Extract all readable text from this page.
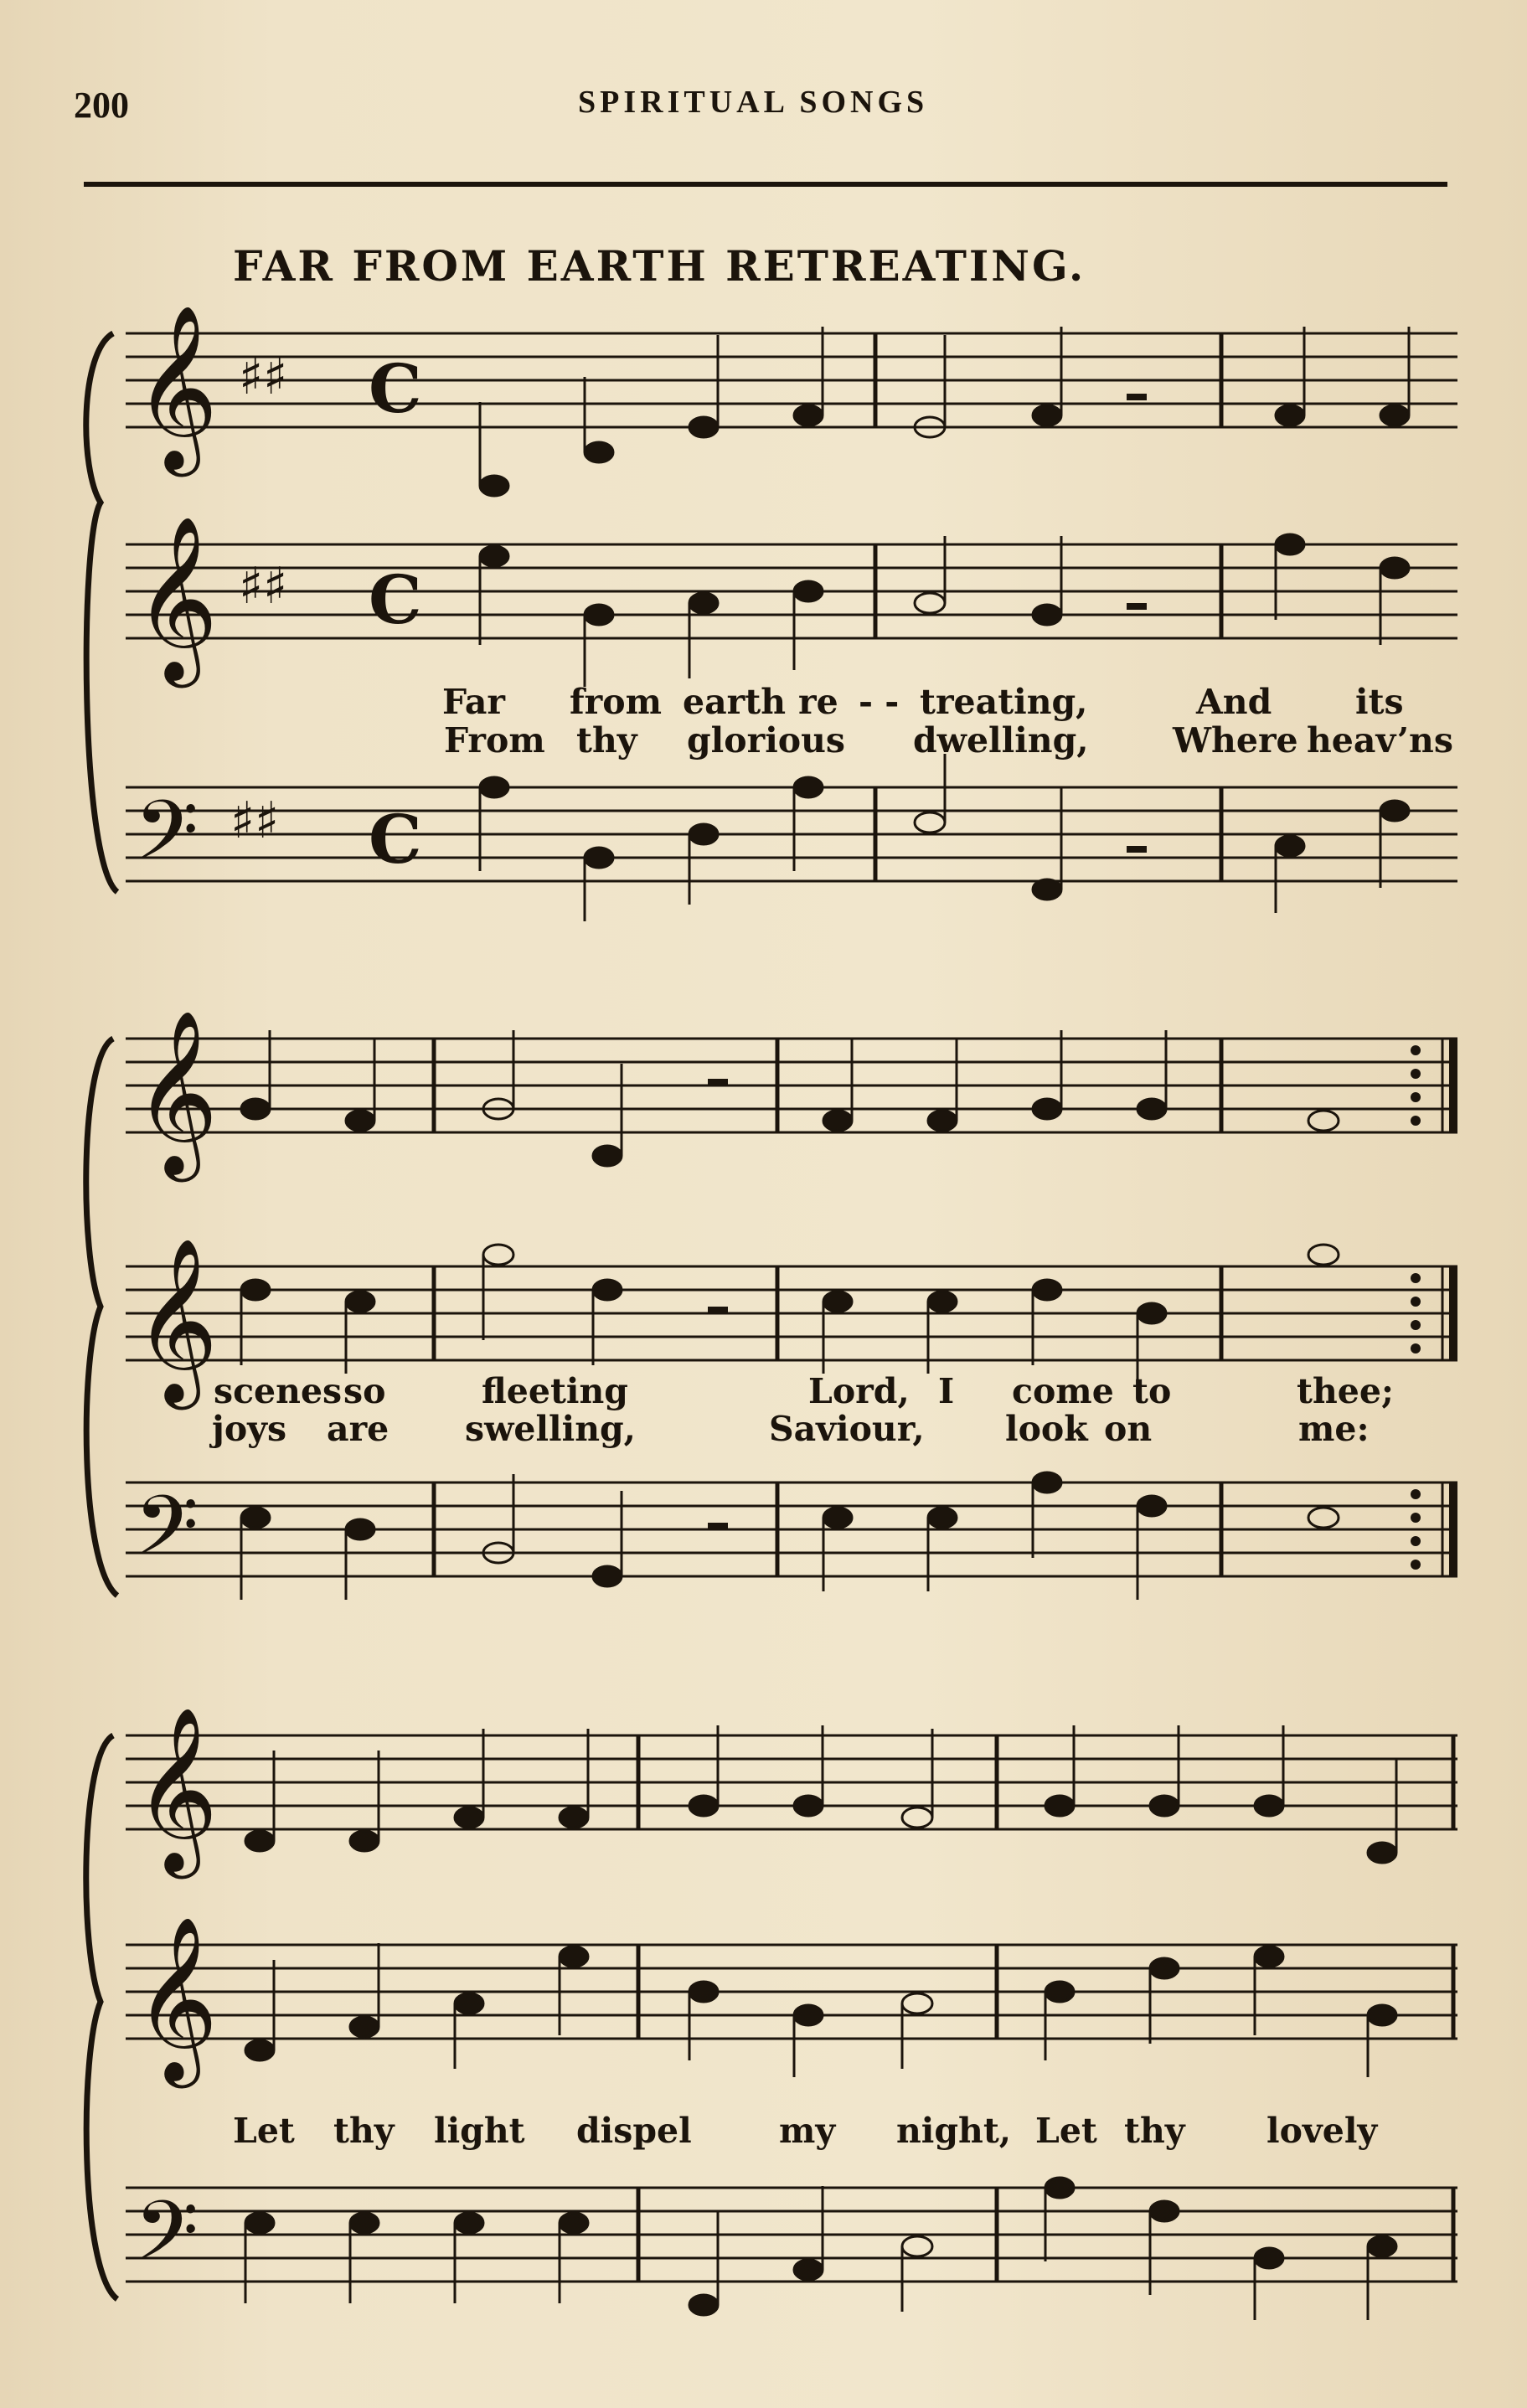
200	SPIRITUAL SONGS
FAR FROM EARTH RETREATING.
𝄞
𝄞
𝄢
♯♯
♯♯
♯♯
C
C
C
Far from earth re - - treating,	And its
From thy glorious dwelling, Where heav’ns
𝄞
𝄞
𝄢
scenesso	fleeting	Lord, I come to	thee;
joys are swelling,	Saviour, look on	me:
𝄞
𝄞
𝄢
Let thy light dispel	my night, Let thy lovely
